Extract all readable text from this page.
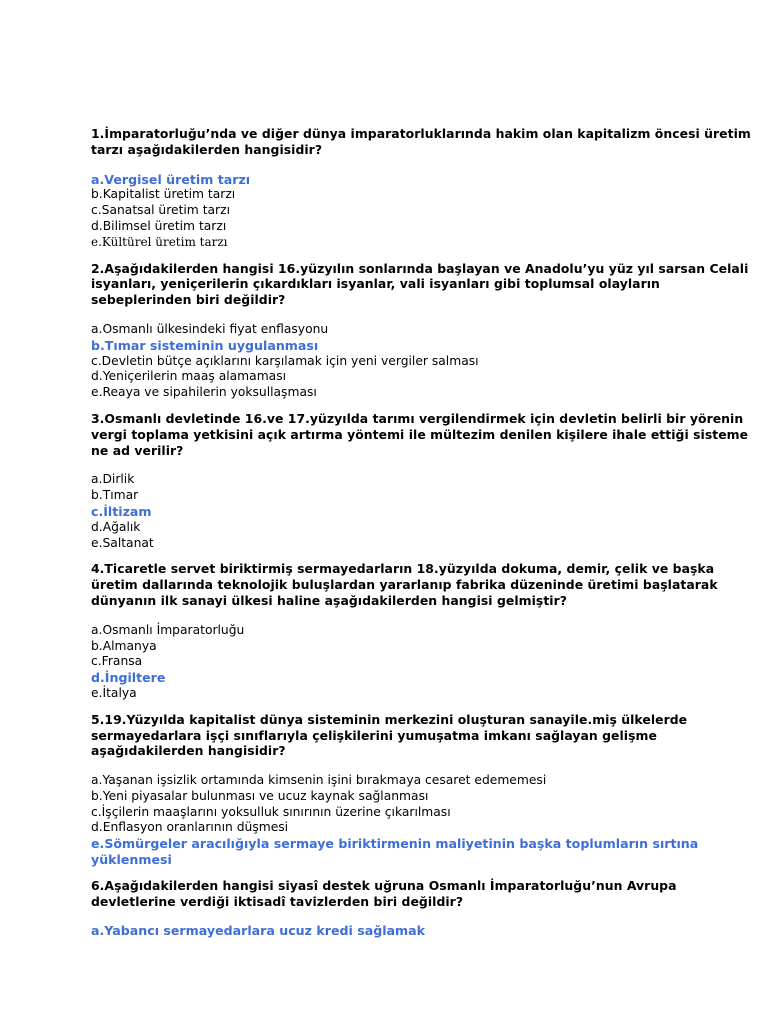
1.İmparatorluğu’nda ve diğer dünya imparatorluklarında hakim olan kapitalizm öncesi üretim tarzı aşağıdakilerden hangisidir?
a.Vergisel üretim tarzı
b.Kapitalist üretim tarzı
c.Sanatsal üretim tarzı
d.Bilimsel üretim tarzı
e.Kültürel üretim tarzı
2.Aşağıdakilerden hangisi 16.yüzyılın sonlarında başlayan ve Anadolu’yu yüz yıl sarsan Celali isyanları, yeniçerilerin çıkardıkları isyanlar, vali isyanları gibi toplumsal olayların sebeplerinden biri değildir?
a.Osmanlı ülkesindeki fiyat enflasyonu
b.Tımar sisteminin uygulanması
c.Devletin bütçe açıklarını karşılamak için yeni vergiler salması
d.Yeniçerilerin maaş alamaması
e.Reaya ve sipahilerin yoksullaşması
3.Osmanlı devletinde 16.ve 17.yüzyılda tarımı vergilendirmek için devletin belirli bir yörenin vergi toplama yetkisini açık artırma yöntemi ile mültezim denilen kişilere ihale ettiği sisteme ne ad verilir?
a.Dirlik
b.Tımar
c.İltizam
d.Ağalık
e.Saltanat
4.Ticaretle servet biriktirmiş sermayedarların 18.yüzyılda dokuma, demir, çelik ve başka üretim dallarında teknolojik buluşlardan yararlanıp fabrika düzeninde üretimi başlatarak dünyanın ilk sanayi ülkesi haline aşağıdakilerden hangisi gelmiştir?
a.Osmanlı İmparatorluğu
b.Almanya
c.Fransa
d.İngiltere
e.İtalya
5.19.Yüzyılda kapitalist dünya sisteminin merkezini oluşturan sanayile.miş ülkelerde sermayedarlara işçi sınıflarıyla çelişkilerini yumuşatma imkanı sağlayan gelişme aşağıdakilerden hangisidir?
a.Yaşanan işsizlik ortamında kimsenin işini bırakmaya cesaret edememesi
b.Yeni piyasalar bulunması ve ucuz kaynak sağlanması
c.İşçilerin maaşlarını yoksulluk sınırının üzerine çıkarılması
d.Enflasyon oranlarının düşmesi
e.Sömürgeler aracılığıyla sermaye biriktirmenin maliyetinin başka toplumların sırtına yüklenmesi
6.Aşağıdakilerden hangisi siyasî destek uğruna Osmanlı İmparatorluğu’nun Avrupa devletlerine verdiği iktisadî tavizlerden biri değildir?
a.Yabancı sermayedarlara ucuz kredi sağlamak
